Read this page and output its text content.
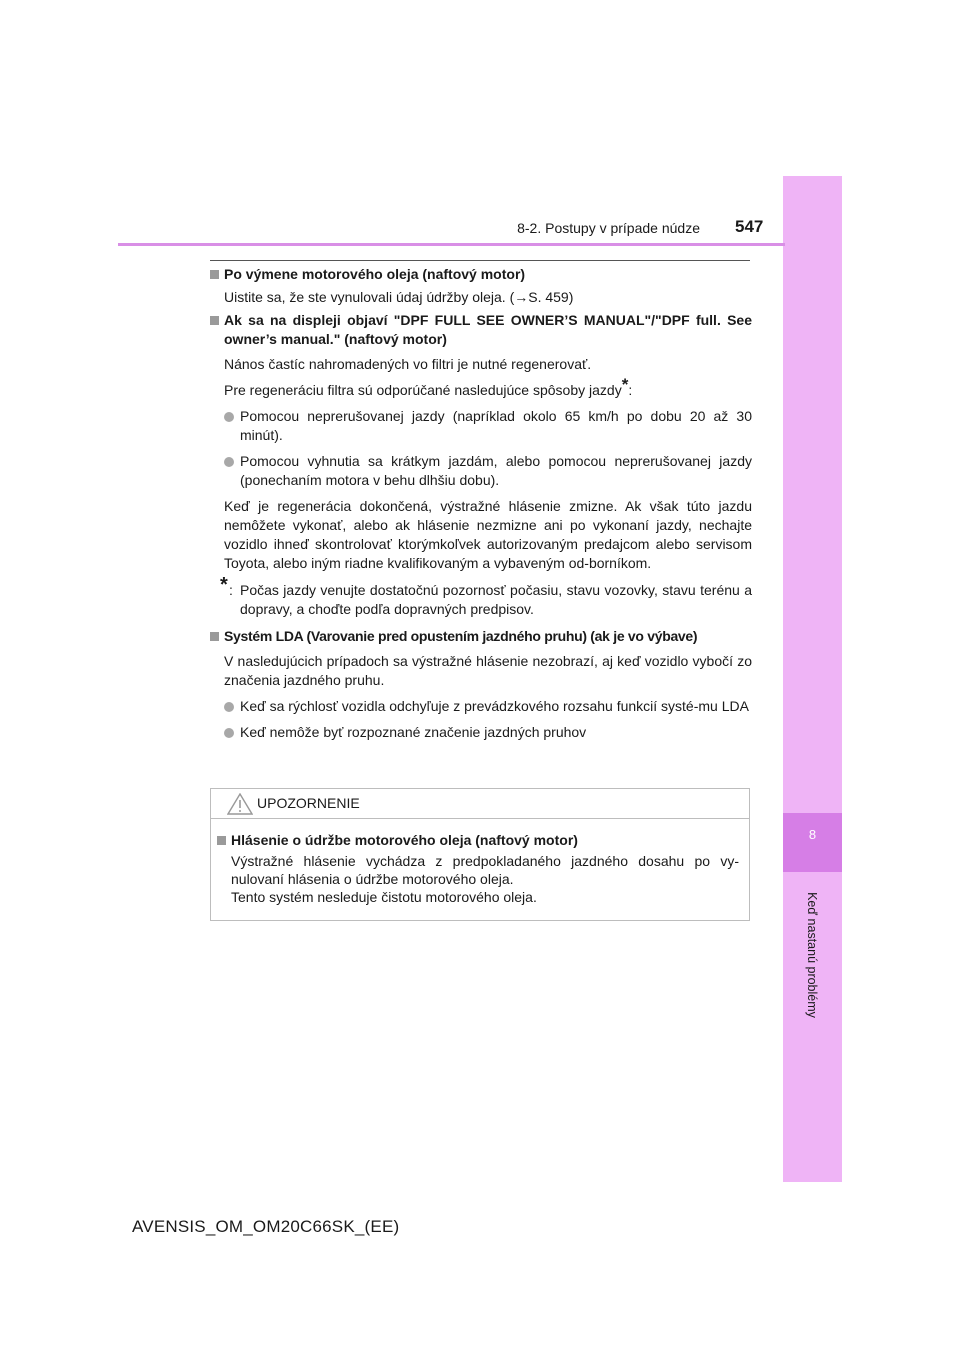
8
Keď nastanú problémy
8-2. Postupy v prípade núdze 547

Po výmene motorového oleja (naftový motor)

Uistite sa, že ste vynulovali údaj údržby oleja. (→S. 459)

Ak sa na displeji objaví "DPF FULL SEE OWNER’S MANUAL"/"DPF full. See owner’s manual." (naftový motor)

Nános častíc nahromadených vo filtri je nutné regenerovať.

Pre regeneráciu filtra sú odporúčané nasledujúce spôsoby jazdy*:

Pomocou neprerušovanej jazdy (napríklad okolo 65 km/h po dobu 20 až 30 minút).

Pomocou vyhnutia sa krátkym jazdám, alebo pomocou neprerušovanej jazdy (ponechaním motora v behu dlhšiu dobu).

Keď je regenerácia dokončená, výstražné hlásenie zmizne. Ak však túto jazdu nemôžete vykonať, alebo ak hlásenie nezmizne ani po vykonaní jazdy, nechajte vozidlo ihneď skontrolovať ktorýmkoľvek autorizovaným predajcom alebo servisom Toyota, alebo iným riadne kvalifikovaným a vybaveným od-borníkom.

* : Počas jazdy venujte dostatočnú pozornosť počasiu, stavu vozovky, stavu terénu a dopravy, a choďte podľa dopravných predpisov.

Systém LDA (Varovanie pred opustením jazdného pruhu) (ak je vo výbave)

V nasledujúcich prípadoch sa výstražné hlásenie nezobrazí, aj keď vozidlo vybočí zo značenia jazdného pruhu.

Keď sa rýchlosť vozidla odchyľuje z prevádzkového rozsahu funkcií systé-mu LDA

Keď nemôže byť rozpoznané značenie jazdných pruhov

UPOZORNENIE

Hlásenie o údržbe motorového oleja (naftový motor)

Výstražné hlásenie vychádza z predpokladaného jazdného dosahu po vy-nulovaní hlásenia o údržbe motorového oleja.

Tento systém nesleduje čistotu motorového oleja.

AVENSIS_OM_OM20C66SK_(EE)
